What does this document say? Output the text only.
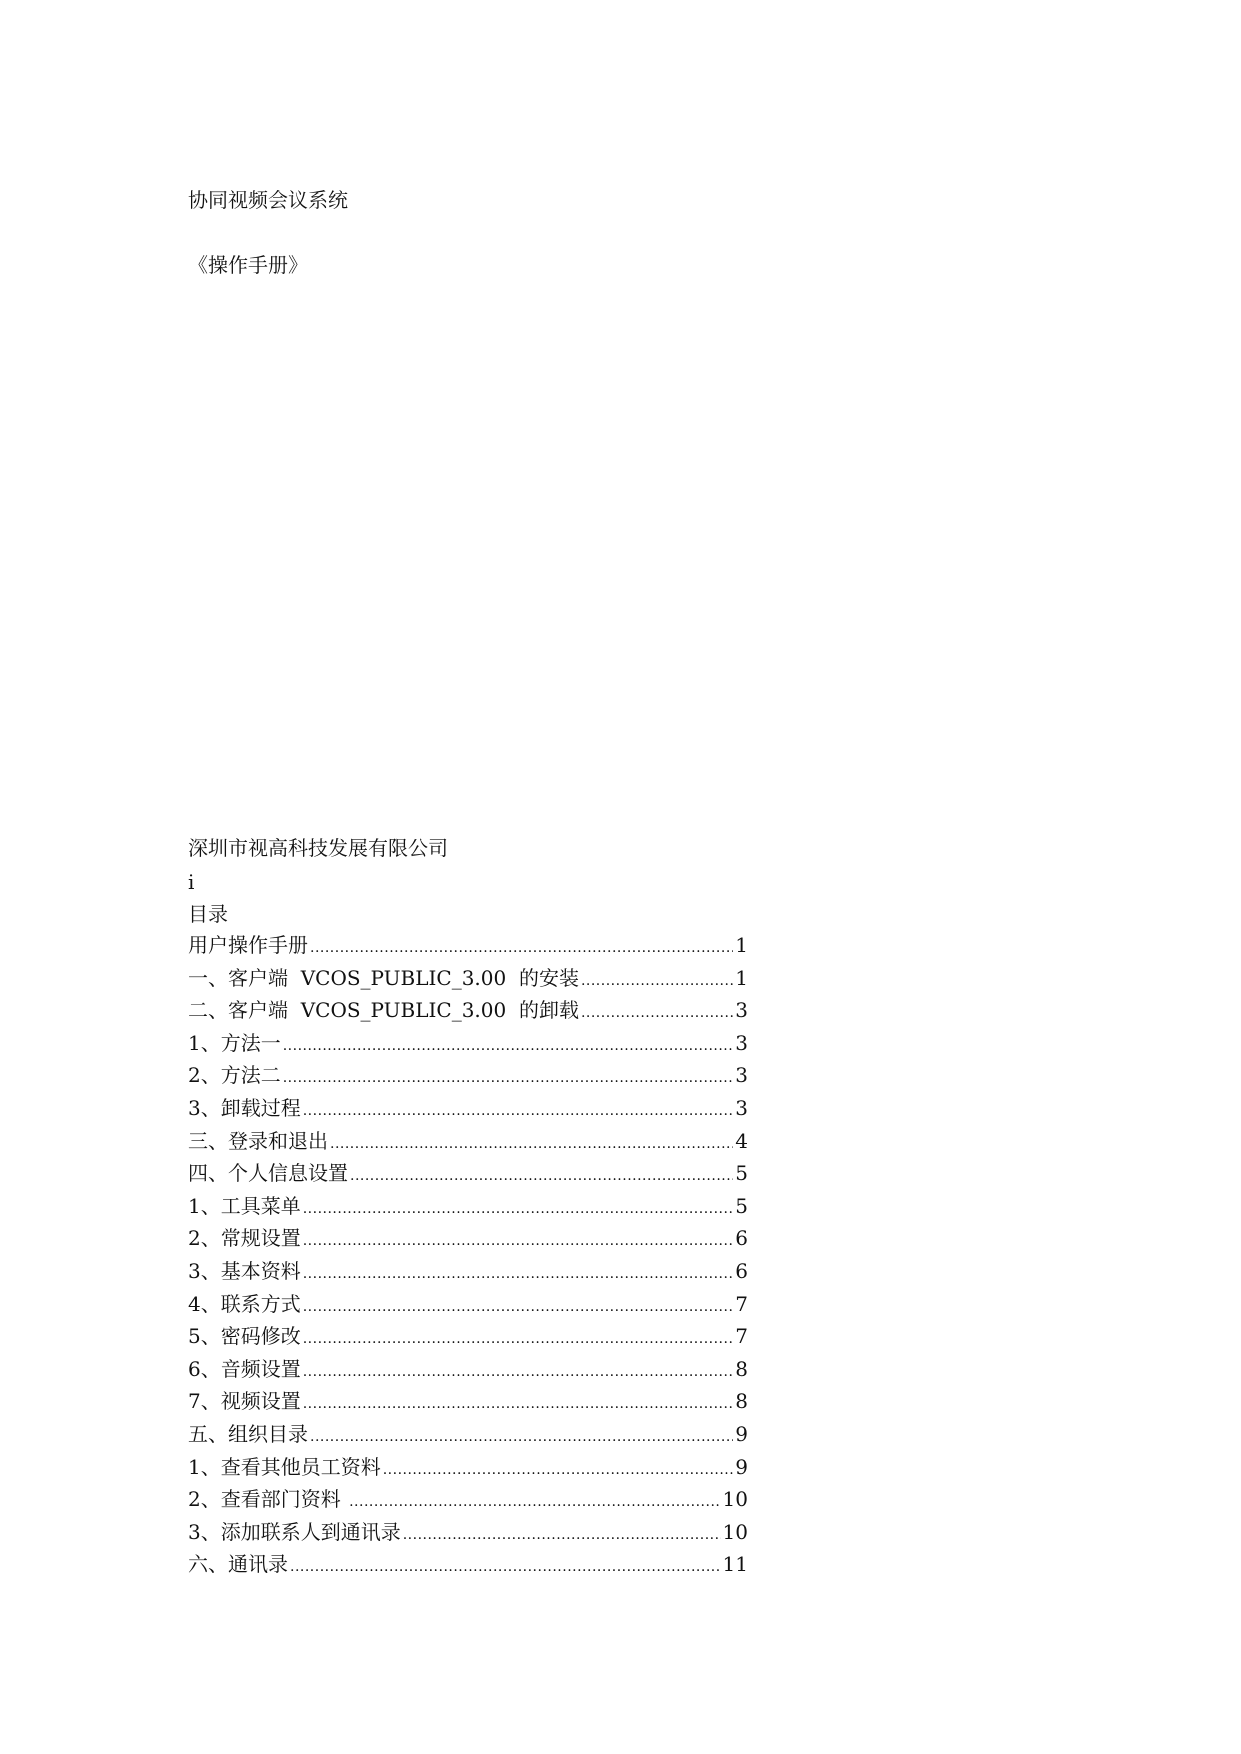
协同视频会议系统
《操作手册》
深圳市视高科技发展有限公司
i
目录
用户操作手册 .....	1
一、客户端  VCOS_PUBLIC_3.00  的安装 .....	1
二、客户端  VCOS_PUBLIC_3.00  的卸载 .....	3
1、方法一 .....	3
2、方法二 .....	3
3、卸载过程 .....	3
三、登录和退出 .....	4
四、个人信息设置 .....	5
1、工具菜单 .....	5
2、常规设置 .....	6
3、基本资料 .....	6
4、联系方式 .....	7
5、密码修改 .....	7
6、音频设置 .....	8
7、视频设置 .....	8
五、组织目录 .....	9
1、查看其他员工资料 .....	9
2、查看部门资料 .....	10
3、添加联系人到通讯录 .....	10
六、通讯录 .....	11
